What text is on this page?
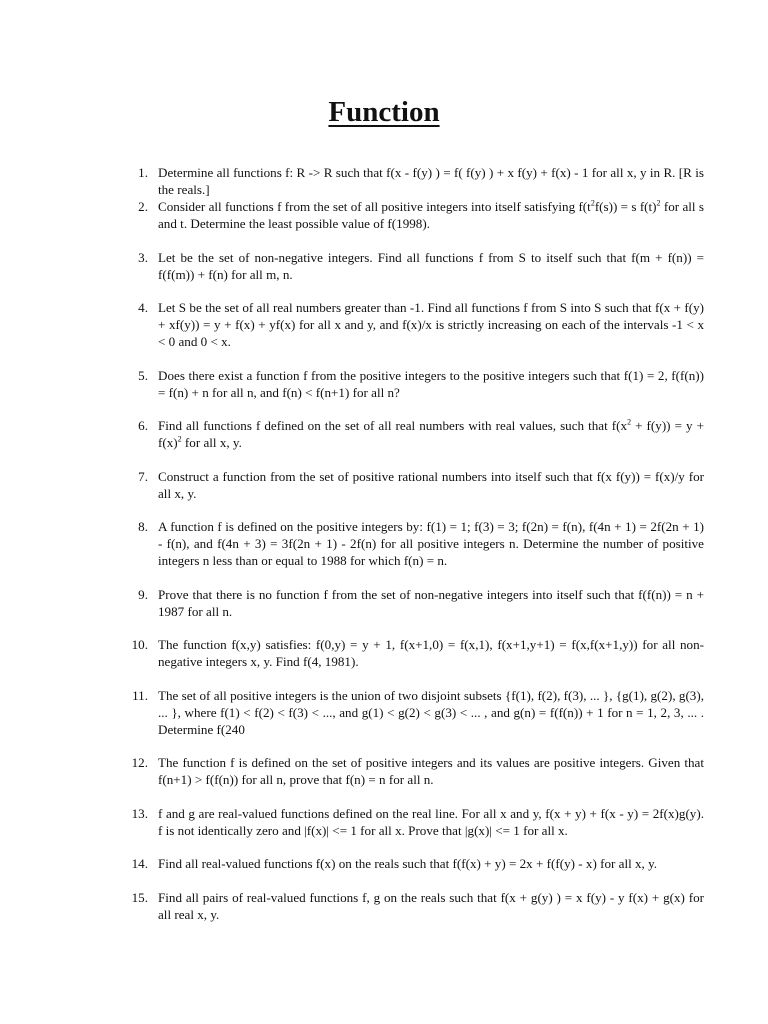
Function
1. Determine all functions f: R -> R such that f(x - f(y) ) = f( f(y) ) + x f(y) + f(x) - 1 for all x, y in R. [R is the reals.]
2. Consider all functions f from the set of all positive integers into itself satisfying $f(t^2f(s)) = s$ $f(t)^2$ for all s and t. Determine the least possible value of f(1998).
3. Let be the set of non-negative integers. Find all functions f from S to itself such that f(m + f(n)) = f(f(m)) + f(n) for all m, n.
4. Let S be the set of all real numbers greater than -1. Find all functions f from S into S such that f(x + f(y) + xf(y)) = y + f(x) + yf(x) for all x and y, and f(x)/x is strictly increasing on each of the intervals -1 < x < 0 and 0 < x.
5. Does there exist a function f from the positive integers to the positive integers such that f(1) = 2, f(f(n)) = f(n) + n for all n, and f(n) < f(n+1) for all n?
6. Find all functions f defined on the set of all real numbers with real values, such that $f(x^2 + f(y)) = y + f(x)^2$ for all x, y.
7. Construct a function from the set of positive rational numbers into itself such that f(x f(y)) = f(x)/y for all x, y.
8. A function f is defined on the positive integers by: f(1) = 1; f(3) = 3; f(2n) = f(n), f(4n + 1) = 2f(2n + 1) - f(n), and f(4n + 3) = 3f(2n + 1) - 2f(n) for all positive integers n. Determine the number of positive integers n less than or equal to 1988 for which f(n) = n.
9. Prove that there is no function f from the set of non-negative integers into itself such that f(f(n)) = n + 1987 for all n.
10. The function f(x,y) satisfies: f(0,y) = y + 1, f(x+1,0) = f(x,1), f(x+1,y+1) = f(x,f(x+1,y)) for all non-negative integers x, y. Find f(4, 1981).
11. The set of all positive integers is the union of two disjoint subsets {f(1), f(2), f(3), ... }, {g(1), g(2), g(3), ... }, where f(1) < f(2) < f(3) < ..., and g(1) < g(2) < g(3) < ... , and g(n) = f(f(n)) + 1 for n = 1, 2, 3, ... . Determine f(240
12. The function f is defined on the set of positive integers and its values are positive integers. Given that f(n+1) > f(f(n)) for all n, prove that f(n) = n for all n.
13. f and g are real-valued functions defined on the real line. For all x and y, f(x + y) + f(x - y) = 2f(x)g(y). f is not identically zero and |f(x)| <= 1 for all x. Prove that |g(x)| <= 1 for all x.
14. Find all real-valued functions f(x) on the reals such that f(f(x) + y) = 2x + f(f(y) - x) for all x, y.
15. Find all pairs of real-valued functions f, g on the reals such that f(x + g(y) ) = x f(y) - y f(x) + g(x) for all real x, y.
